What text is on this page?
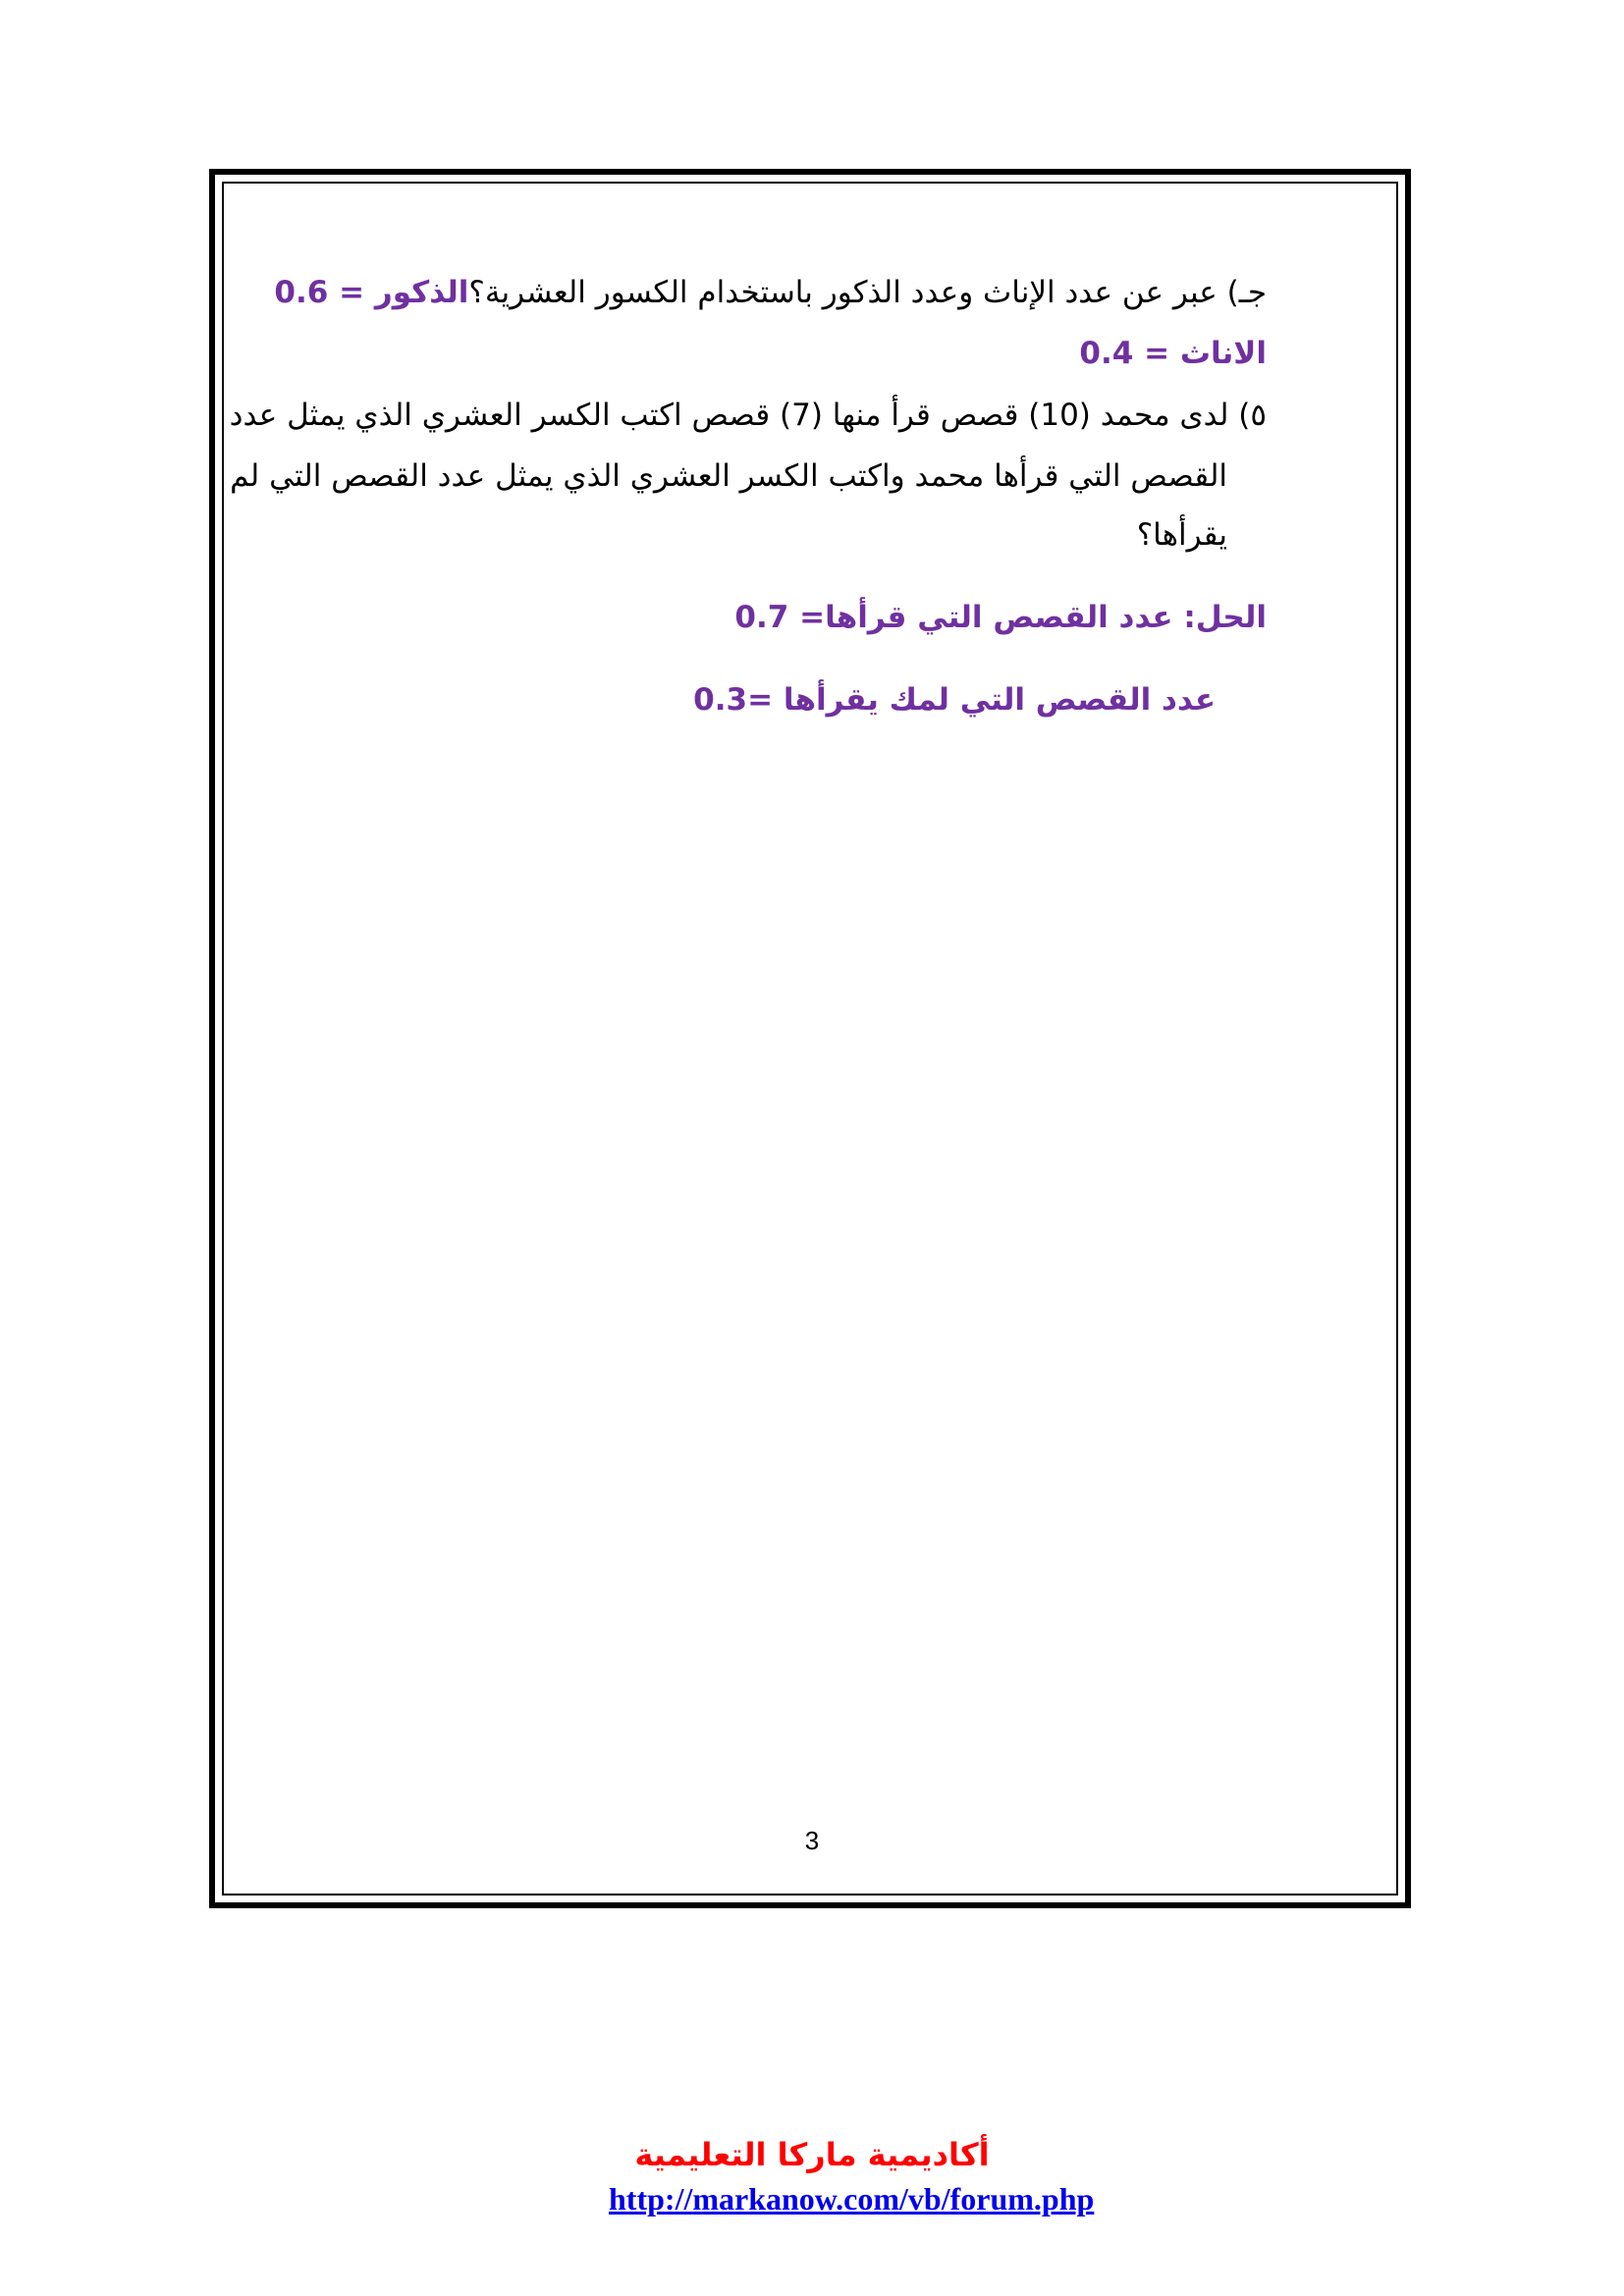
جـ) عبر عن عدد الإناث وعدد الذكور باستخدام الكسور العشرية؟الذكور = 0.6
الاناث = 0.4
٥) لدى محمد (10) قصص قرأ منها (7) قصص اكتب الكسر العشري الذي يمثل عدد
القصص التي قرأها محمد واكتب الكسر العشري الذي يمثل عدد القصص التي لم
يقرأها؟
الحل: عدد القصص التي قرأها= 0.7
عدد القصص التي لمك يقرأها =0.3
3
أكاديمية ماركا التعليمية
http://markanow.com/vb/forum.php
